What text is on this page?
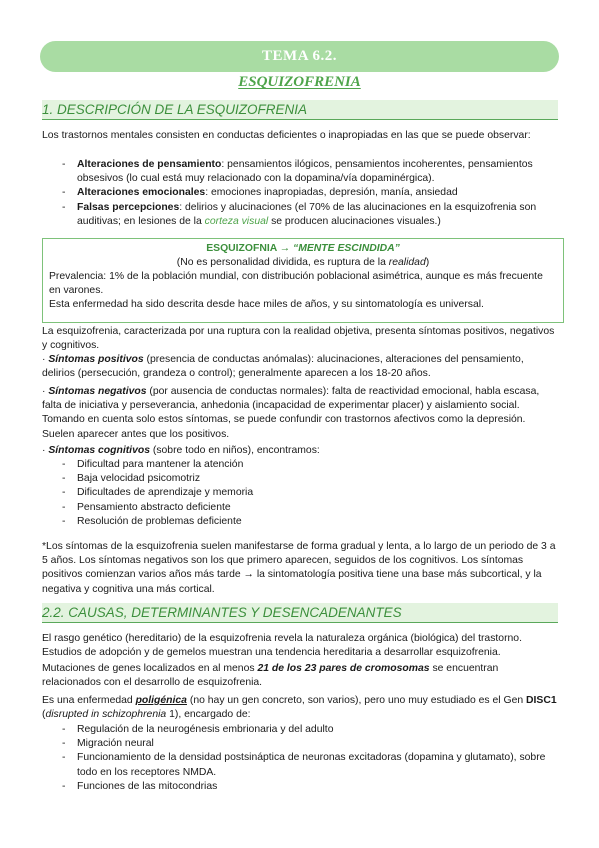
TEMA 6.2.
ESQUIZOFRENIA
1. DESCRIPCIÓN DE LA ESQUIZOFRENIA

Los trastornos mentales consisten en conductas deficientes o inapropiadas en las que se puede observar:

- Alteraciones de pensamiento: pensamientos ilógicos, pensamientos incoherentes, pensamientos obsesivos (lo cual está muy relacionado con la dopamina/vía dopaminérgica).
- Alteraciones emocionales: emociones inapropiadas, depresión, manía, ansiedad
- Falsas percepciones: delirios y alucinaciones (el 70% de las alucinaciones en la esquizofrenia son auditivas; en lesiones de la corteza visual se producen alucinaciones visuales.)
ESQUIZOFNIA → “MENTE ESCINDIDA”
(No es personalidad dividida, es ruptura de la realidad)
Prevalencia: 1% de la población mundial, con distribución poblacional asimétrica, aunque es más frecuente en varones.
Esta enfermedad ha sido descrita desde hace miles de años, y su sintomatología es universal.

La esquizofrenia, caracterizada por una ruptura con la realidad objetiva, presenta síntomas positivos, negativos y cognitivos.

· Síntomas positivos (presencia de conductas anómalas): alucinaciones, alteraciones del pensamiento, delirios (persecución, grandeza o control); generalmente aparecen a los 18-20 años.

· Síntomas negativos (por ausencia de conductas normales): falta de reactividad emocional, habla escasa, falta de iniciativa y perseverancia, anhedonia (incapacidad de experimentar placer) y aislamiento social. Tomando en cuenta solo estos síntomas, se puede confundir con trastornos afectivos como la depresión. Suelen aparecer antes que los positivos.

· Síntomas cognitivos (sobre todo en niños), encontramos:

- Dificultad para mantener la atención
- Baja velocidad psicomotriz
- Dificultades de aprendizaje y memoria
- Pensamiento abstracto deficiente
- Resolución de problemas deficiente

*Los síntomas de la esquizofrenia suelen manifestarse de forma gradual y lenta, a lo largo de un periodo de 3 a 5 años. Los síntomas negativos son los que primero aparecen, seguidos de los cognitivos. Los síntomas positivos comienzan varios años más tarde → la sintomatología positiva tiene una base más subcortical, y la negativa y cognitiva una más cortical.

2.2. CAUSAS, DETERMINANTES Y DESENCADENANTES

El rasgo genético (hereditario) de la esquizofrenia revela la naturaleza orgánica (biológica) del trastorno. Estudios de adopción y de gemelos muestran una tendencia hereditaria a desarrollar esquizofrenia.

Mutaciones de genes localizados en al menos 21 de los 23 pares de cromosomas se encuentran relacionados con el desarrollo de esquizofrenia.

Es una enfermedad poligénica (no hay un gen concreto, son varios), pero uno muy estudiado es el Gen DISC1 (disrupted in schizophrenia 1), encargado de:

- Regulación de la neurogénesis embrionaria y del adulto
- Migración neural
- Funcionamiento de la densidad postsináptica de neuronas excitadoras (dopamina y glutamato), sobre todo en los receptores NMDA.
- Funciones de las mitocondrias
